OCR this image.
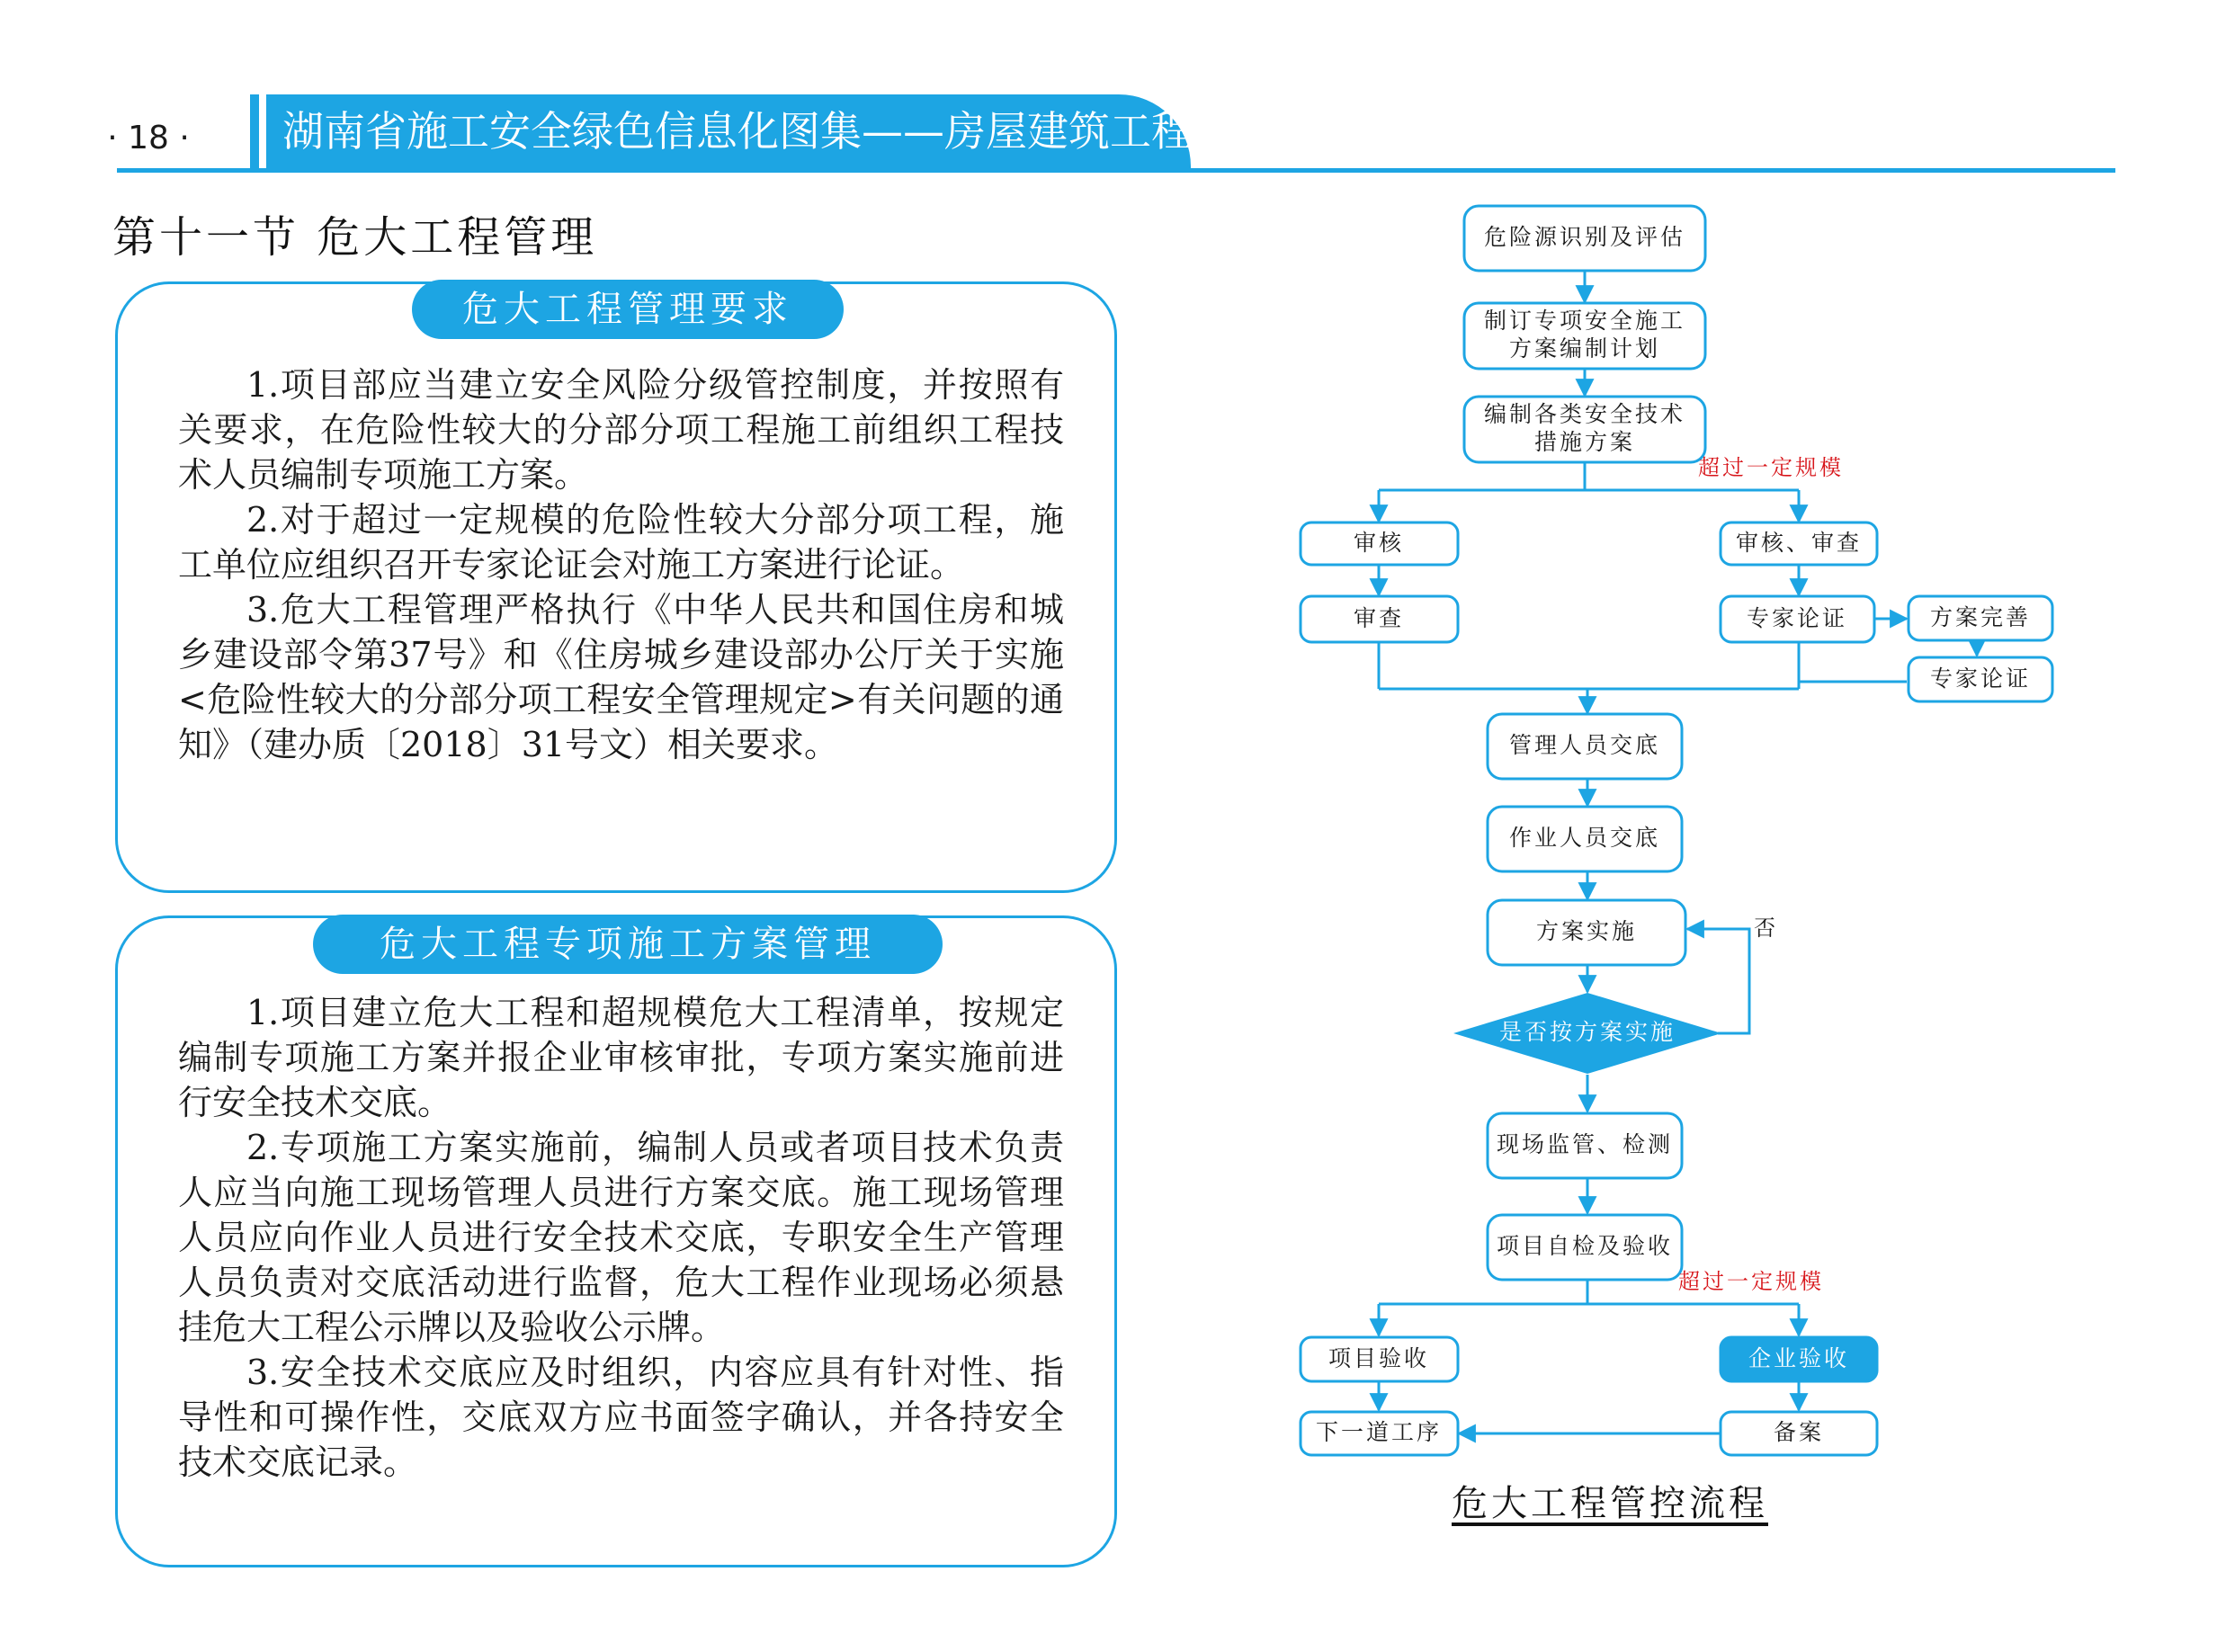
· 18 ·	湖南省施工安全绿色信息化图集——房屋建筑工程
第十一节 危大工程管理
危大工程管理要求

1.项目部应当建立安全风险分级管控制度，并按照有关要求，在危险性较大的分部分项工程施工前组织工程技术人员编制专项施工方案。

2.对于超过一定规模的危险性较大分部分项工程，施工单位应组织召开专家论证会对施工方案进行论证。

3.危大工程管理严格执行《中华人民共和国住房和城乡建设部令第37号》和《住房城乡建设部办公厅关于实施<危险性较大的分部分项工程安全管理规定>有关问题的通知》（建办质〔2018〕31号文）相关要求。

危大工程专项施工方案管理

1.项目建立危大工程和超规模危大工程清单，按规定编制专项施工方案并报企业审核审批，专项方案实施前进行安全技术交底。

2.专项施工方案实施前，编制人员或者项目技术负责人应当向施工现场管理人员进行方案交底。施工现场管理人员应向作业人员进行安全技术交底，专职安全生产管理人员负责对交底活动进行监督，危大工程作业现场必须悬挂危大工程公示牌以及验收公示牌。

3.安全技术交底应及时组织，内容应具有针对性、指导性和可操作性，交底双方应书面签字确认，并各持安全技术交底记录。

危险源识别及评估
制订专项安全施工
方案编制计划
编制各类安全技术
措施方案
审核	审核、审查
审查	专家论证	方案完善
专家论证
管理人员交底
作业人员交底
方案实施
是否按方案实施
现场监管、检测
项目自检及验收
项目验收	企业验收
下一道工序	备案
超过一定规模
超过一定规模
否
危大工程管控流程
